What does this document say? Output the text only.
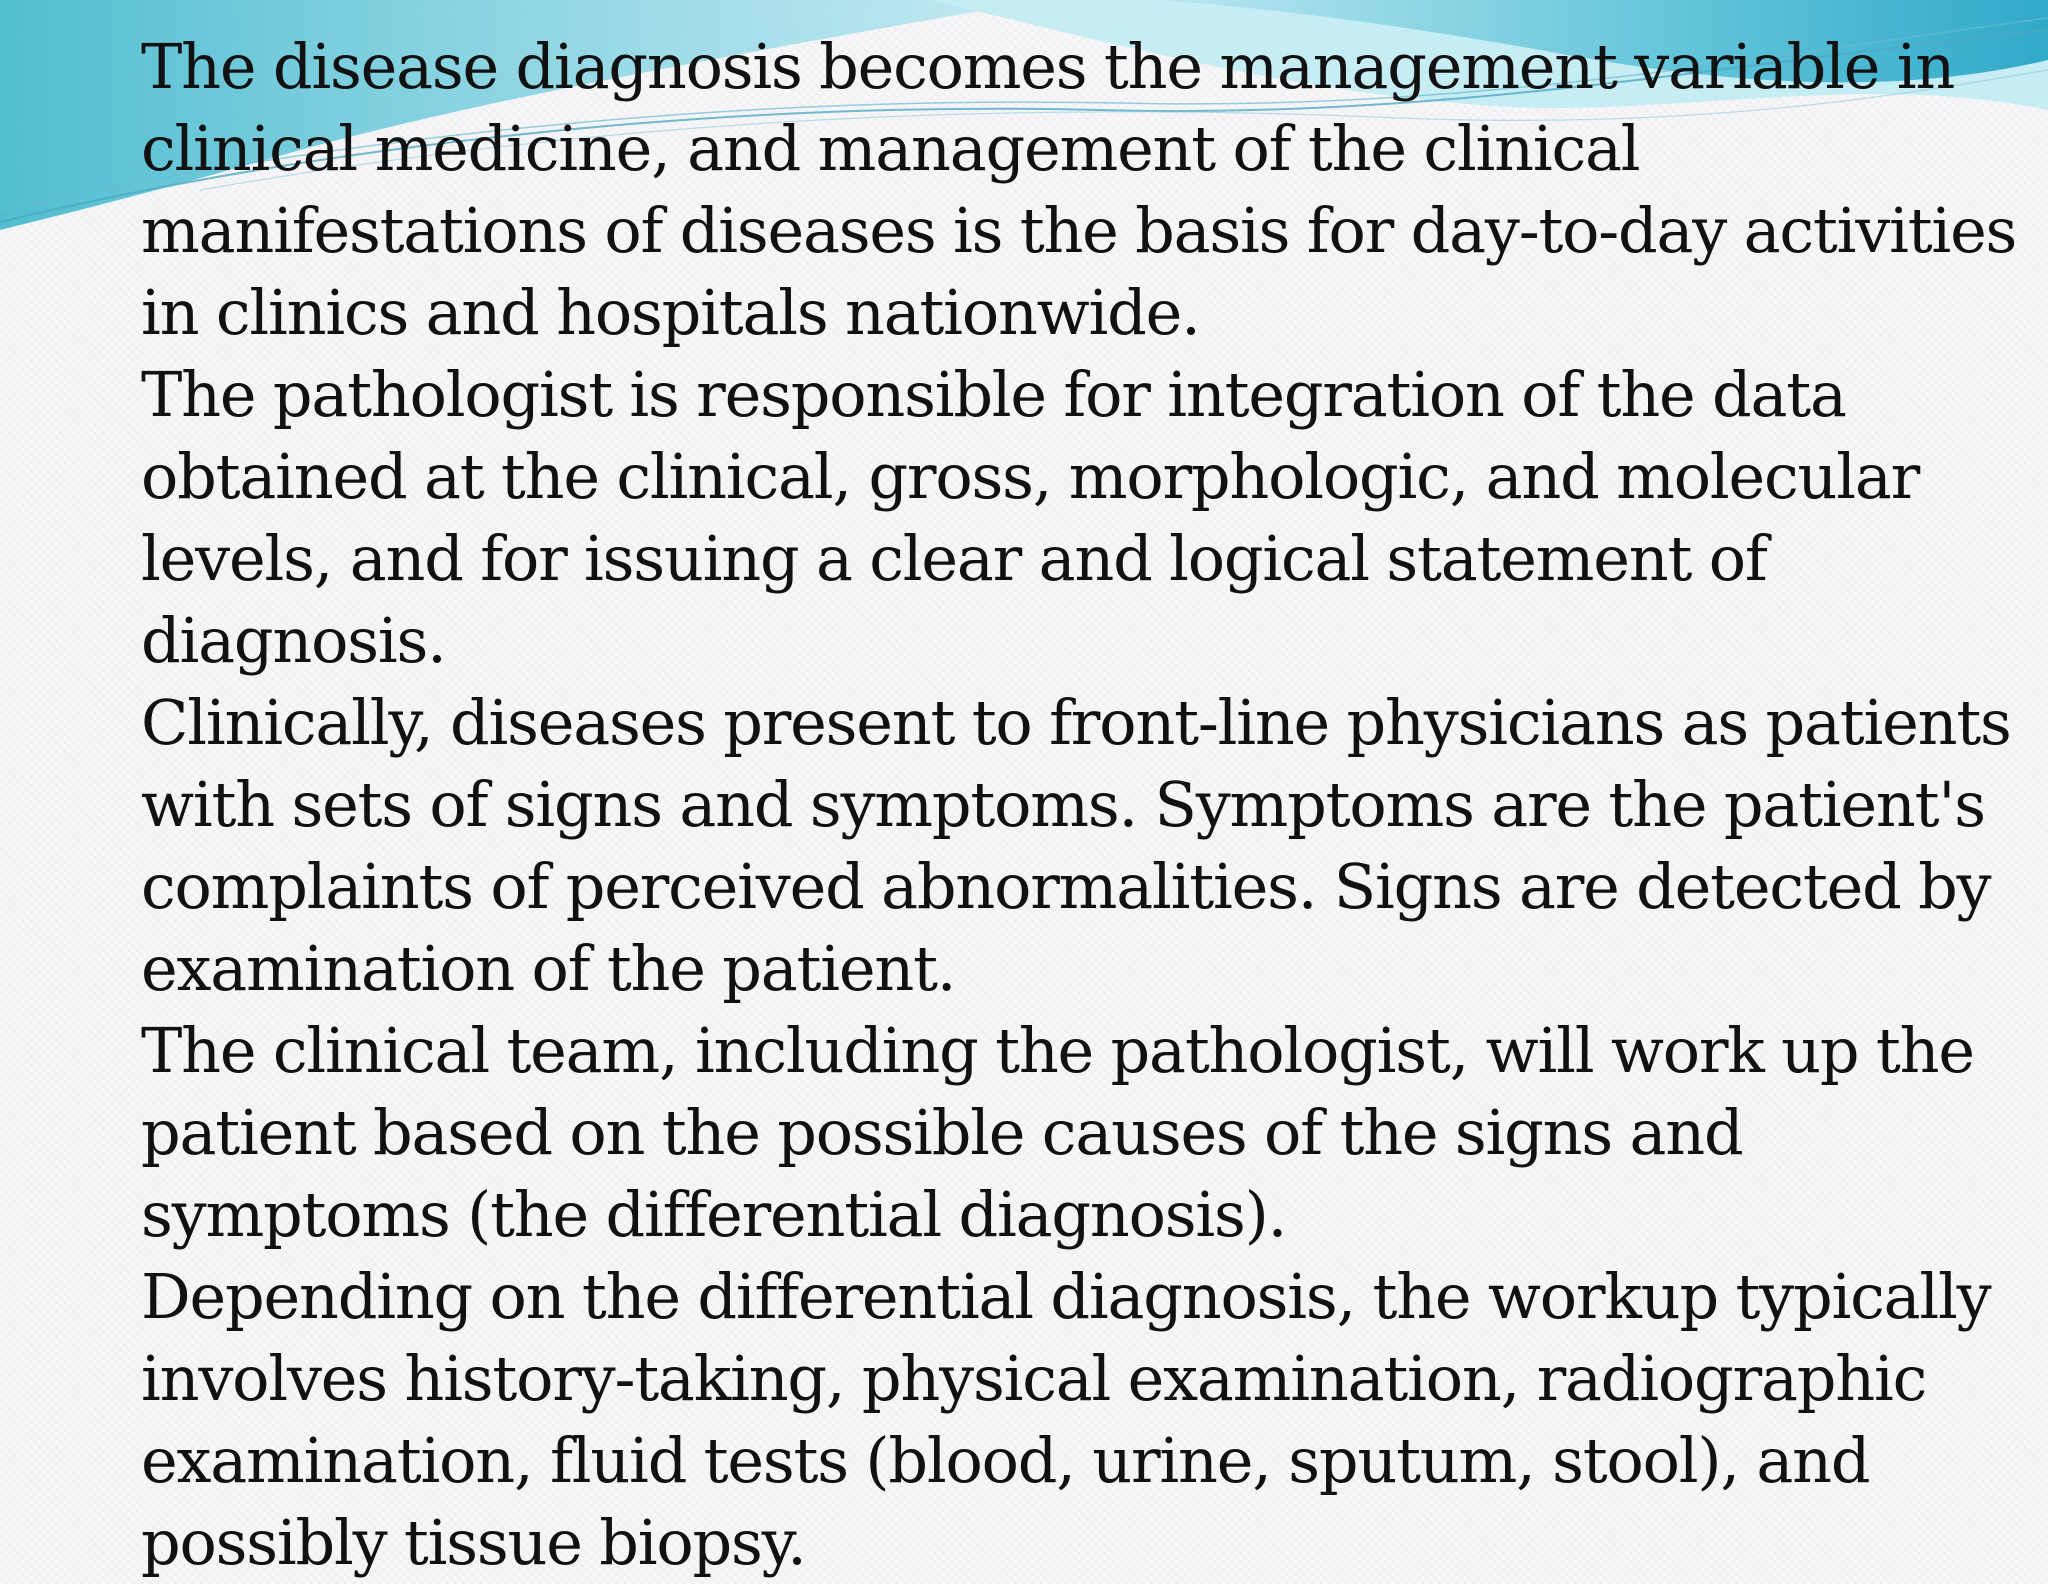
The disease diagnosis becomes the management variable in clinical medicine, and management of the clinical manifestations of diseases is the basis for day-to-day activities in clinics and hospitals nationwide.

The pathologist is responsible for integration of the data obtained at the clinical, gross, morphologic, and molecular levels, and for issuing a clear and logical statement of diagnosis.

Clinically, diseases present to front-line physicians as patients with sets of signs and symptoms. Symptoms are the patient's complaints of perceived abnormalities. Signs are detected by examination of the patient.

The clinical team, including the pathologist, will work up the patient based on the possible causes of the signs and symptoms (the differential diagnosis).

Depending on the differential diagnosis, the workup typically involves history-taking, physical examination, radiographic examination, fluid tests (blood, urine, sputum, stool), and possibly tissue biopsy.
